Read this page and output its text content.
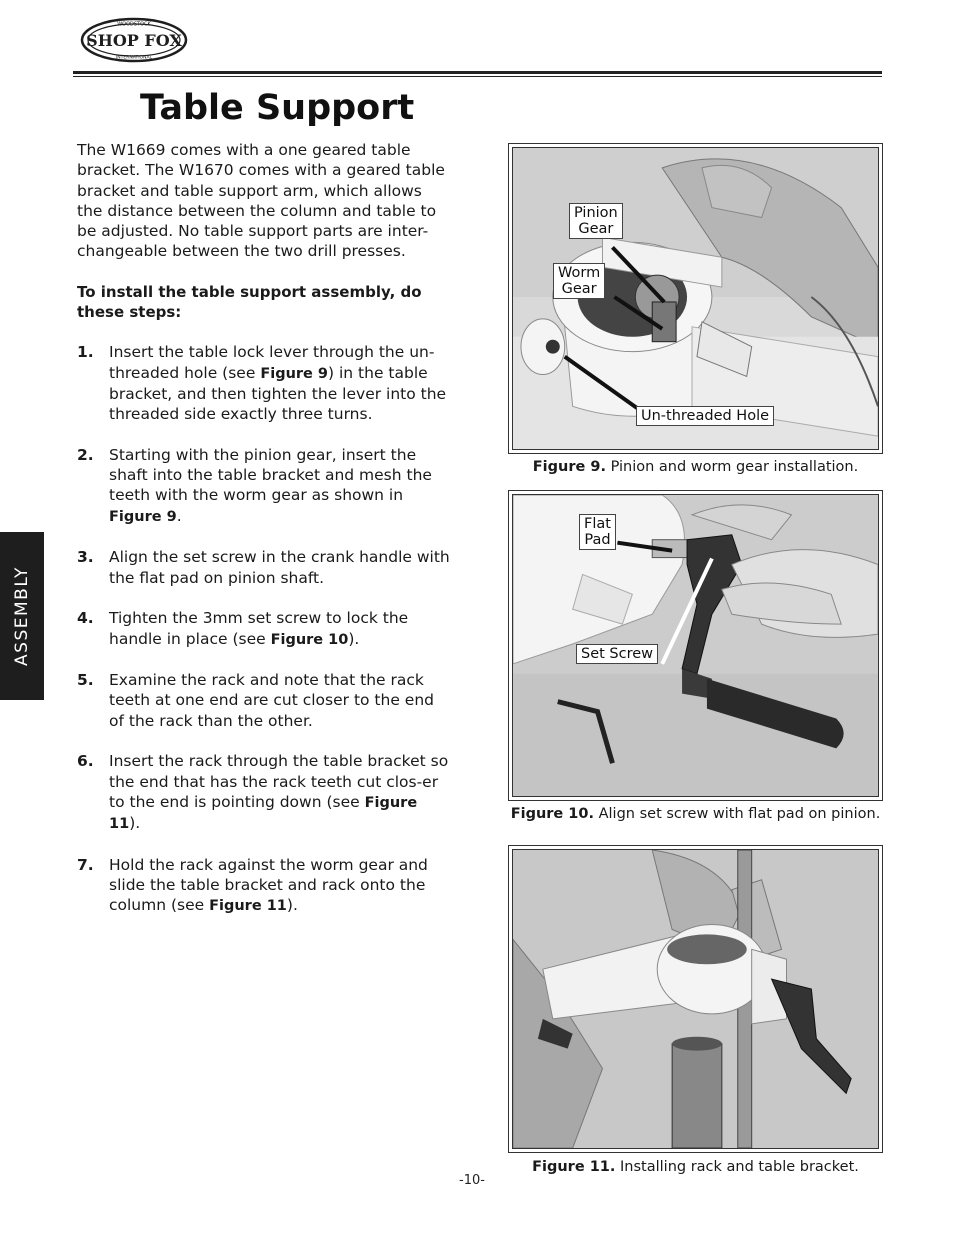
WOODSTOCK
INTERNATIONAL
SHOP FOX
Table Support
ASSEMBLY

The W1669 comes with a one geared table bracket. The W1670 comes with a geared table bracket and table support arm, which allows the distance between the column and table to be adjusted. No table support parts are inter-changeable between the two drill presses.

To install the table support assembly, do these steps:

1. Insert the table lock lever through the un-threaded hole (see Figure 9) in the table bracket, and then tighten the lever into the threaded side exactly three turns.
2. Starting with the pinion gear, insert the shaft into the table bracket and mesh the teeth with the worm gear as shown in Figure 9.
3. Align the set screw in the crank handle with the flat pad on pinion shaft.
4. Tighten the 3mm set screw to lock the handle in place (see Figure 10).
5. Examine the rack and note that the rack teeth at one end are cut closer to the end of the rack than the other.
6. Insert the rack through the table bracket so the end that has the rack teeth cut clos-er to the end is pointing down (see Figure 11).
7. Hold the rack against the worm gear and slide the table bracket and rack onto the column (see Figure 11).
Pinion
Gear
Worm
Gear
Un-threaded Hole
Figure 9. Pinion and worm gear installation.
Flat
Pad
Set Screw
Figure 10. Align set screw with flat pad on pinion.
Figure 11. Installing rack and table bracket.
-10-
